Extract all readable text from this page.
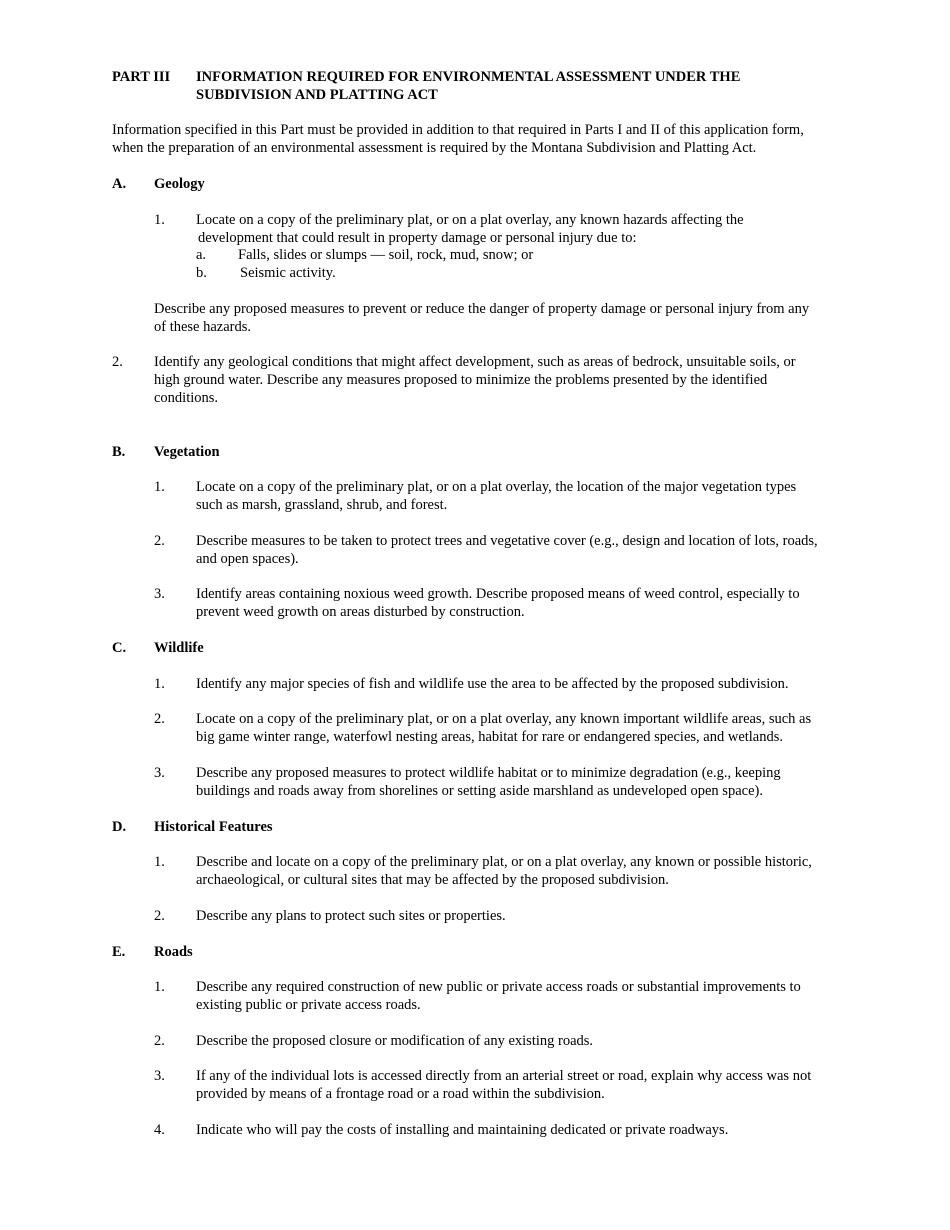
PART III INFORMATION REQUIRED FOR ENVIRONMENTAL ASSESSMENT UNDER THE

SUBDIVISION AND PLATTING ACT

Information specified in this Part must be provided in addition to that required in Parts I and II of this application form,

when the preparation of an environmental assessment is required by the Montana Subdivision and Platting Act.

A. Geology

1. Locate on a copy of the preliminary plat, or on a plat overlay, any known hazards affecting the

development that could result in property damage or personal injury due to:

a. Falls, slides or slumps — soil, rock, mud, snow; or

b. Seismic activity.

Describe any proposed measures to prevent or reduce the danger of property damage or personal injury from any

of these hazards.

2. Identify any geological conditions that might affect development, such as areas of bedrock, unsuitable soils, or

high ground water. Describe any measures proposed to minimize the problems presented by the identified

conditions.

B. Vegetation

1. Locate on a copy of the preliminary plat, or on a plat overlay, the location of the major vegetation types

such as marsh, grassland, shrub, and forest.

2. Describe measures to be taken to protect trees and vegetative cover (e.g., design and location of lots, roads,

and open spaces).

3. Identify areas containing noxious weed growth. Describe proposed means of weed control, especially to

prevent weed growth on areas disturbed by construction.

C. Wildlife

1. Identify any major species of fish and wildlife use the area to be affected by the proposed subdivision.

2. Locate on a copy of the preliminary plat, or on a plat overlay, any known important wildlife areas, such as

big game winter range, waterfowl nesting areas, habitat for rare or endangered species, and wetlands.

3. Describe any proposed measures to protect wildlife habitat or to minimize degradation (e.g., keeping

buildings and roads away from shorelines or setting aside marshland as undeveloped open space).

D. Historical Features

1. Describe and locate on a copy of the preliminary plat, or on a plat overlay, any known or possible historic,

archaeological, or cultural sites that may be affected by the proposed subdivision.

2. Describe any plans to protect such sites or properties.

E. Roads

1. Describe any required construction of new public or private access roads or substantial improvements to

existing public or private access roads.

2. Describe the proposed closure or modification of any existing roads.

3. If any of the individual lots is accessed directly from an arterial street or road, explain why access was not

provided by means of a frontage road or a road within the subdivision.

4. Indicate who will pay the costs of installing and maintaining dedicated or private roadways.
